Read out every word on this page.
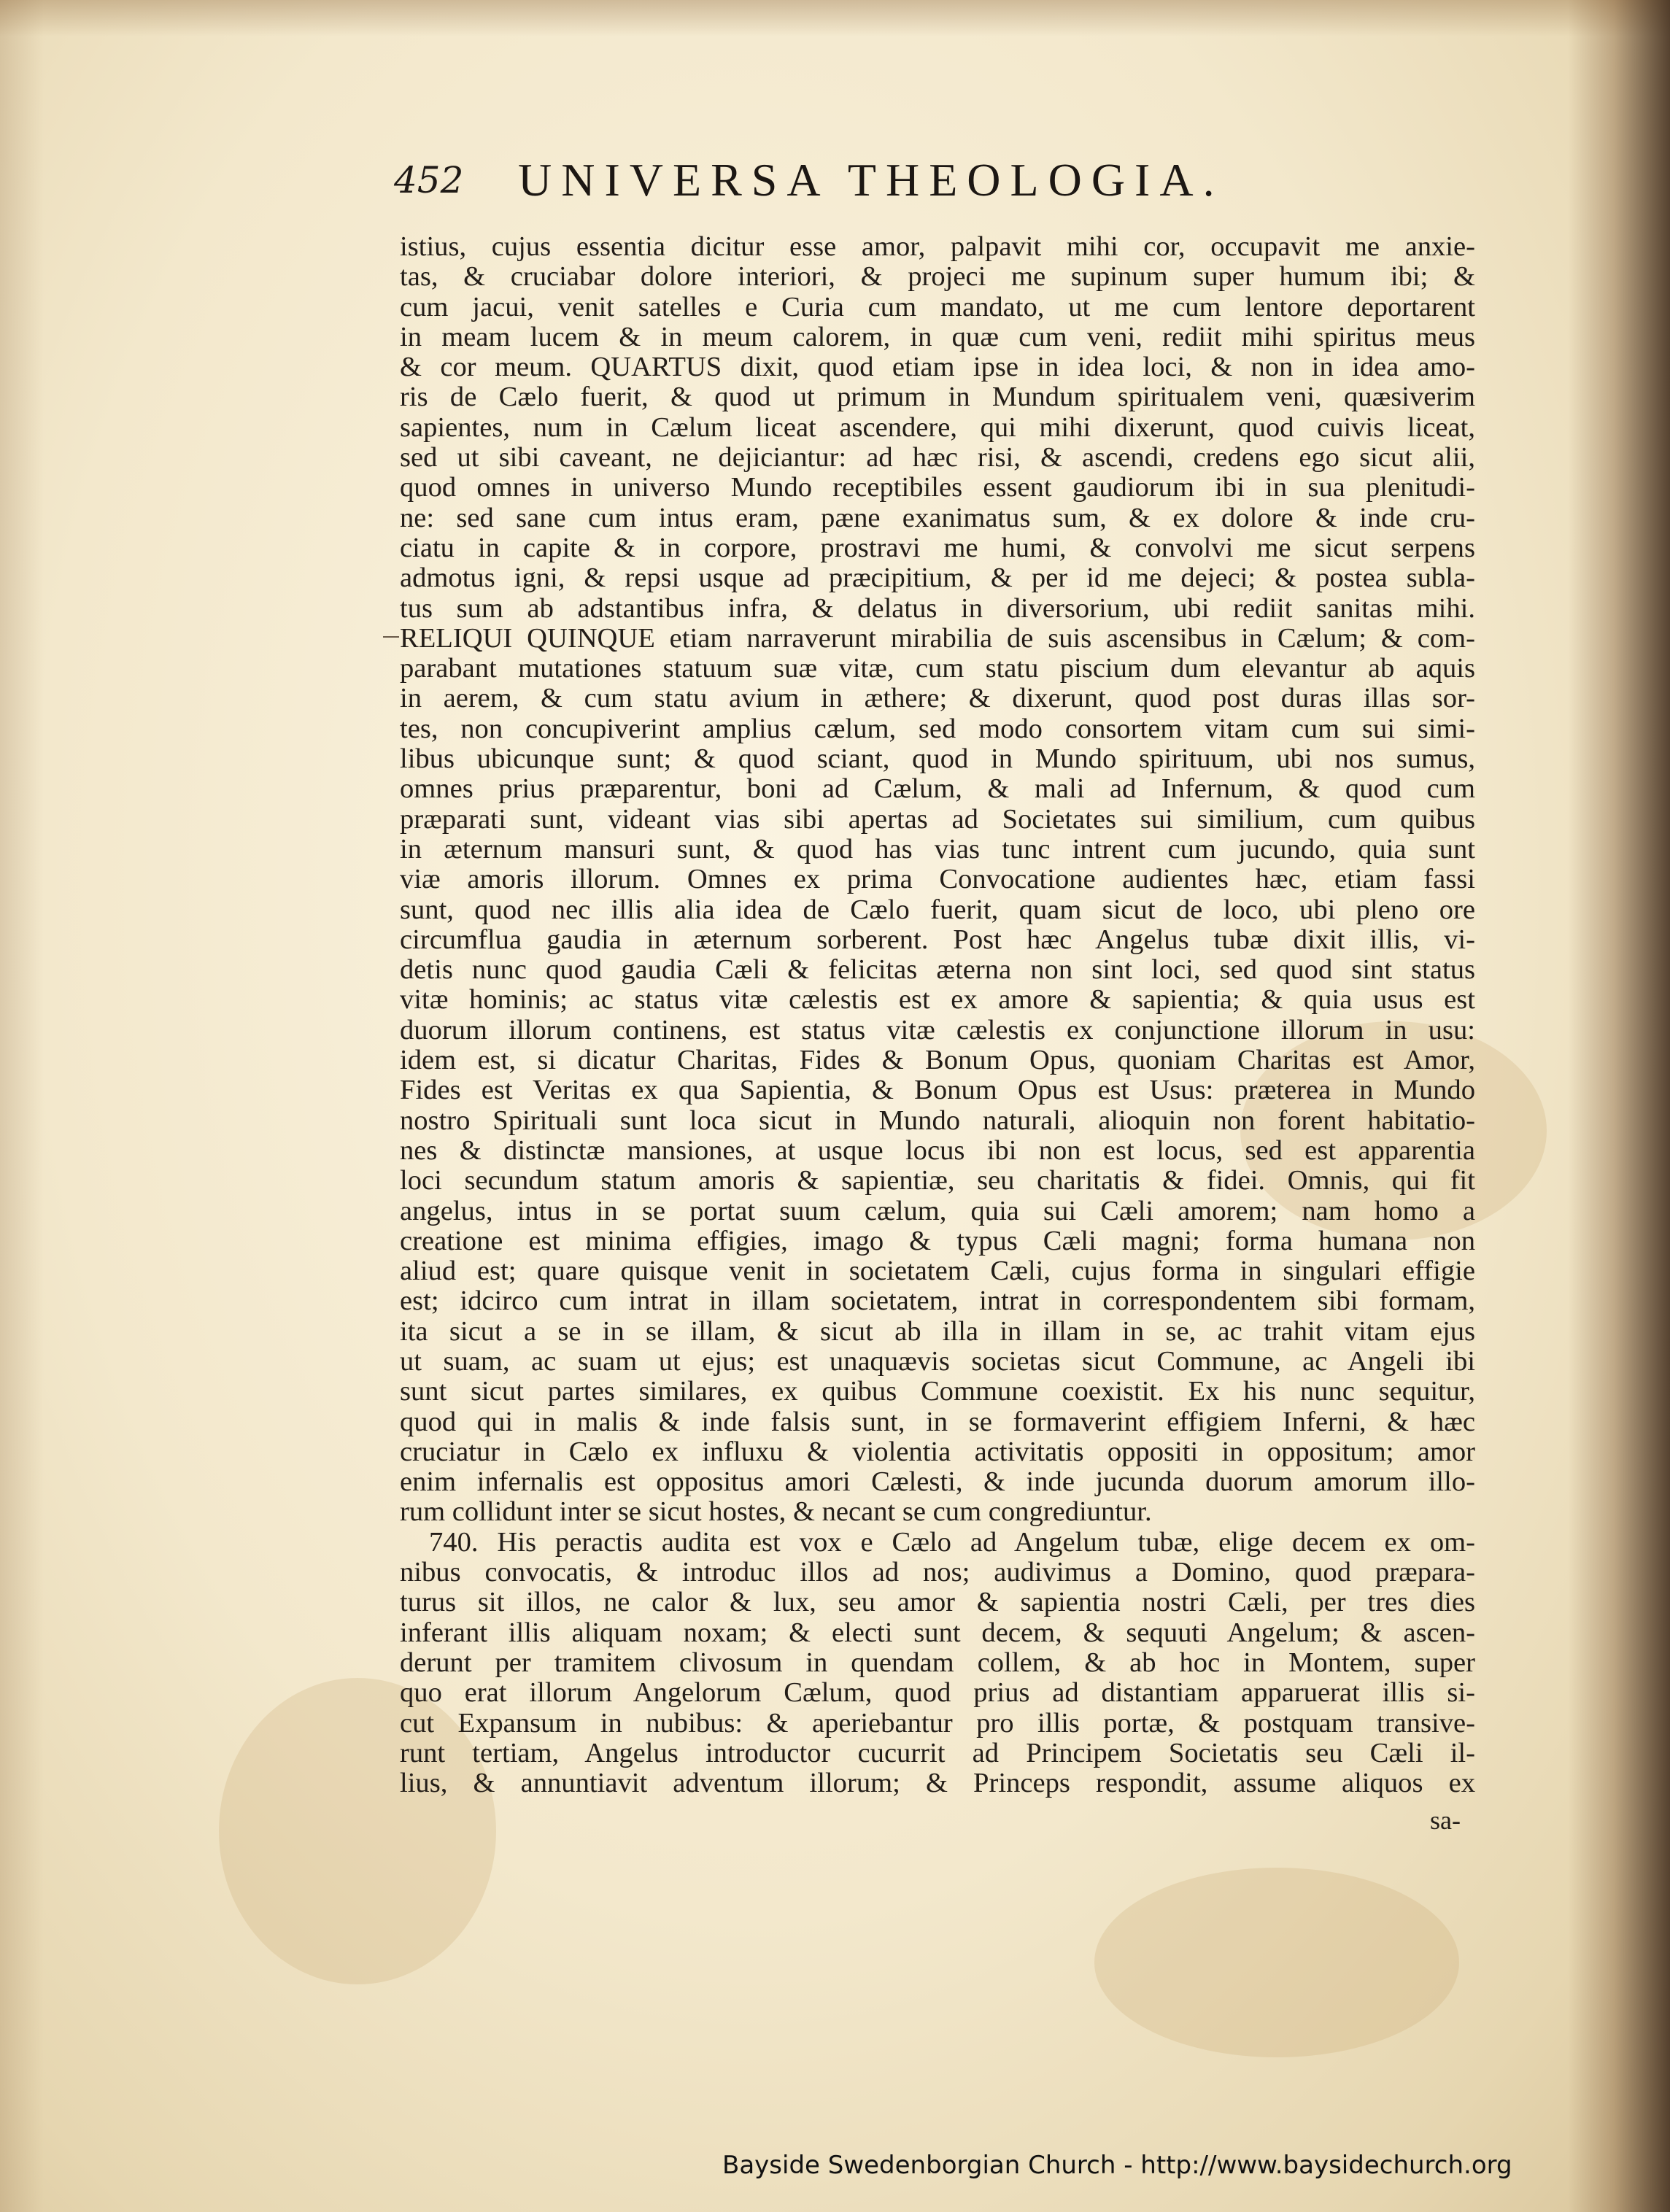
452 UNIVERSA THEOLOGIA.

istius, cujus essentia dicitur esse amor, palpavit mihi cor, occupavit me anxie-

tas, & cruciabar dolore interiori, & projeci me supinum super humum ibi; &

cum jacui, venit satelles e Curia cum mandato, ut me cum lentore deportarent

in meam lucem & in meum calorem, in quæ cum veni, rediit mihi spiritus meus

& cor meum. QUARTUS dixit, quod etiam ipse in idea loci, & non in idea amo-

ris de Cælo fuerit, & quod ut primum in Mundum spiritualem veni, quæsiverim

sapientes, num in Cælum liceat ascendere, qui mihi dixerunt, quod cuivis liceat,

sed ut sibi caveant, ne dejiciantur: ad hæc risi, & ascendi, credens ego sicut alii,

quod omnes in universo Mundo receptibiles essent gaudiorum ibi in sua plenitudi-

ne: sed sane cum intus eram, pæne exanimatus sum, & ex dolore & inde cru-

ciatu in capite & in corpore, prostravi me humi, & convolvi me sicut serpens

admotus igni, & repsi usque ad præcipitium, & per id me dejeci; & postea subla-

tus sum ab adstantibus infra, & delatus in diversorium, ubi rediit sanitas mihi.

RELIQUI QUINQUE etiam narraverunt mirabilia de suis ascensibus in Cælum; & com-

parabant mutationes statuum suæ vitæ, cum statu piscium dum elevantur ab aquis

in aerem, & cum statu avium in æthere; & dixerunt, quod post duras illas sor-

tes, non concupiverint amplius cælum, sed modo consortem vitam cum sui simi-

libus ubicunque sunt; & quod sciant, quod in Mundo spirituum, ubi nos sumus,

omnes prius præparentur, boni ad Cælum, & mali ad Infernum, & quod cum

præparati sunt, videant vias sibi apertas ad Societates sui similium, cum quibus

in æternum mansuri sunt, & quod has vias tunc intrent cum jucundo, quia sunt

viæ amoris illorum. Omnes ex prima Convocatione audientes hæc, etiam fassi

sunt, quod nec illis alia idea de Cælo fuerit, quam sicut de loco, ubi pleno ore

circumflua gaudia in æternum sorberent. Post hæc Angelus tubæ dixit illis, vi-

detis nunc quod gaudia Cæli & felicitas æterna non sint loci, sed quod sint status

vitæ hominis; ac status vitæ cælestis est ex amore & sapientia; & quia usus est

duorum illorum continens, est status vitæ cælestis ex conjunctione illorum in usu:

idem est, si dicatur Charitas, Fides & Bonum Opus, quoniam Charitas est Amor,

Fides est Veritas ex qua Sapientia, & Bonum Opus est Usus: præterea in Mundo

nostro Spirituali sunt loca sicut in Mundo naturali, alioquin non forent habitatio-

nes & distinctæ mansiones, at usque locus ibi non est locus, sed est apparentia

loci secundum statum amoris & sapientiæ, seu charitatis & fidei. Omnis, qui fit

angelus, intus in se portat suum cælum, quia sui Cæli amorem; nam homo a

creatione est minima effigies, imago & typus Cæli magni; forma humana non

aliud est; quare quisque venit in societatem Cæli, cujus forma in singulari effigie

est; idcirco cum intrat in illam societatem, intrat in correspondentem sibi formam,

ita sicut a se in se illam, & sicut ab illa in illam in se, ac trahit vitam ejus

ut suam, ac suam ut ejus; est unaquævis societas sicut Commune, ac Angeli ibi

sunt sicut partes similares, ex quibus Commune coexistit. Ex his nunc sequitur,

quod qui in malis & inde falsis sunt, in se formaverint effigiem Inferni, & hæc

cruciatur in Cælo ex influxu & violentia activitatis oppositi in oppositum; amor

enim infernalis est oppositus amori Cælesti, & inde jucunda duorum amorum illo-

rum collidunt inter se sicut hostes, & necant se cum congrediuntur.

740. His peractis audita est vox e Cælo ad Angelum tubæ, elige decem ex om-

nibus convocatis, & introduc illos ad nos; audivimus a Domino, quod præpara-

turus sit illos, ne calor & lux, seu amor & sapientia nostri Cæli, per tres dies

inferant illis aliquam noxam; & electi sunt decem, & sequuti Angelum; & ascen-

derunt per tramitem clivosum in quendam collem, & ab hoc in Montem, super

quo erat illorum Angelorum Cælum, quod prius ad distantiam apparuerat illis si-

cut Expansum in nubibus: & aperiebantur pro illis portæ, & postquam transive-

runt tertiam, Angelus introductor cucurrit ad Principem Societatis seu Cæli il-

lius, & annuntiavit adventum illorum; & Princeps respondit, assume aliquos ex

sa-
Bayside Swedenborgian Church - http://www.baysidechurch.org
